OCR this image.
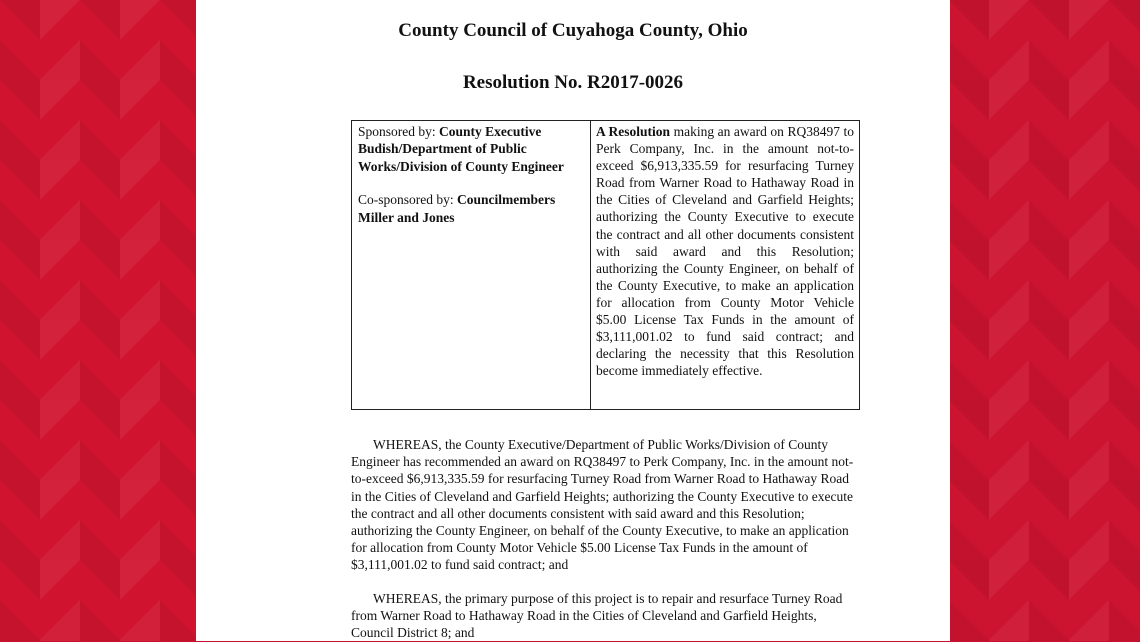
County Council of Cuyahoga County, Ohio
Resolution No. R2017-0026
Sponsored by: County Executive Budish/Department of Public Works/Division of County Engineer
Co-sponsored by: Councilmembers Miller and Jones
A Resolution making an award on RQ38497 to Perk Company, Inc. in the amount not-to-exceed $6,913,335.59 for resurfacing Turney Road from Warner Road to Hathaway Road in the Cities of Cleveland and Garfield Heights; authorizing the County Executive to execute the contract and all other documents consistent with said award and this Resolution; authorizing the County Engineer, on behalf of the County Executive, to make an application for allocation from County Motor Vehicle $5.00 License Tax Funds in the amount of $3,111,001.02 to fund said contract; and declaring the necessity that this Resolution become immediately effective.
WHEREAS, the County Executive/Department of Public Works/Division of County Engineer has recommended an award on RQ38497 to Perk Company, Inc. in the amount not-to-exceed $6,913,335.59 for resurfacing Turney Road from Warner Road to Hathaway Road in the Cities of Cleveland and Garfield Heights; authorizing the County Executive to execute the contract and all other documents consistent with said award and this Resolution; authorizing the County Engineer, on behalf of the County Executive, to make an application for allocation from County Motor Vehicle $5.00 License Tax Funds in the amount of $3,111,001.02 to fund said contract; and
WHEREAS, the primary purpose of this project is to repair and resurface Turney Road from Warner Road to Hathaway Road in the Cities of Cleveland and Garfield Heights, Council District 8; and
